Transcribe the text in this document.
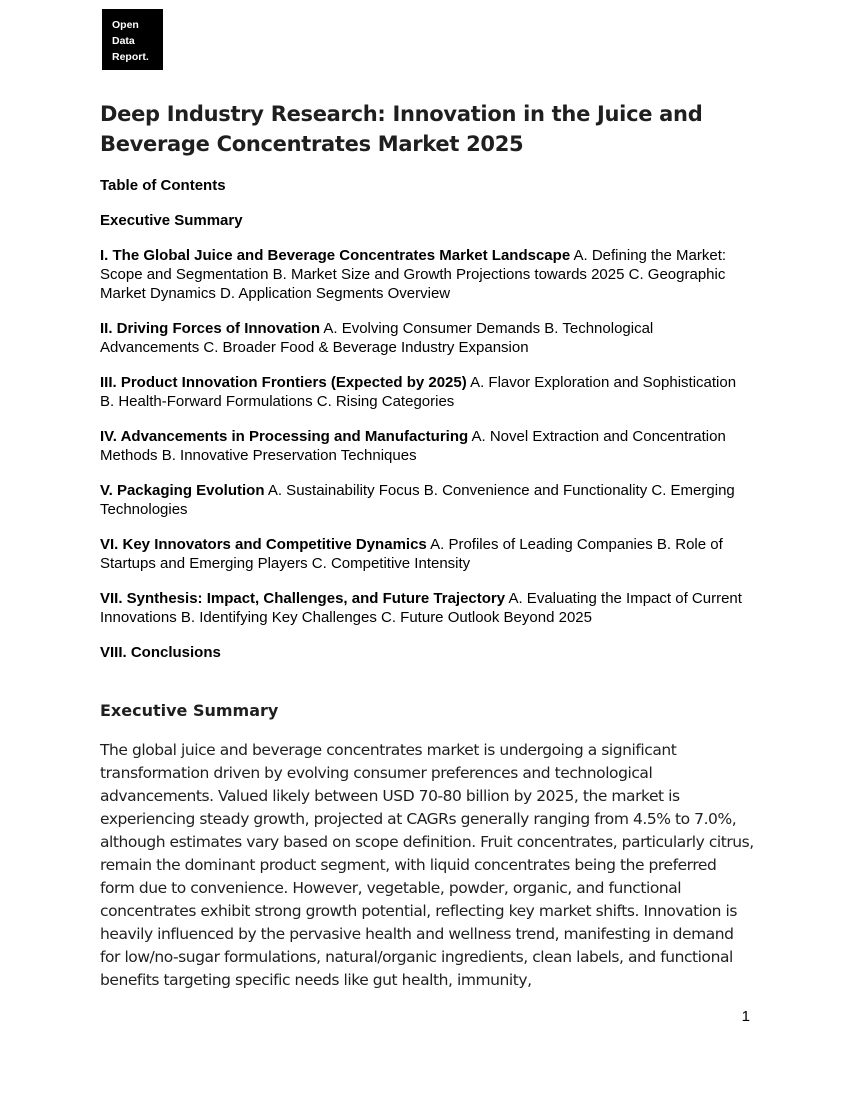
Open
Data
Report.
Deep Industry Research: Innovation in the Juice and Beverage Concentrates Market 2025

Table of Contents

Executive Summary

I. The Global Juice and Beverage Concentrates Market Landscape A. Defining the Market: Scope and Segmentation B. Market Size and Growth Projections towards 2025 C. Geographic Market Dynamics D. Application Segments Overview

II. Driving Forces of Innovation A. Evolving Consumer Demands B. Technological Advancements C. Broader Food & Beverage Industry Expansion

III. Product Innovation Frontiers (Expected by 2025) A. Flavor Exploration and Sophistication B. Health-Forward Formulations C. Rising Categories

IV. Advancements in Processing and Manufacturing A. Novel Extraction and Concentration Methods B. Innovative Preservation Techniques

V. Packaging Evolution A. Sustainability Focus B. Convenience and Functionality C. Emerging Technologies

VI. Key Innovators and Competitive Dynamics A. Profiles of Leading Companies B. Role of Startups and Emerging Players C. Competitive Intensity

VII. Synthesis: Impact, Challenges, and Future Trajectory A. Evaluating the Impact of Current Innovations B. Identifying Key Challenges C. Future Outlook Beyond 2025

VIII. Conclusions

Executive Summary

The global juice and beverage concentrates market is undergoing a significant transformation driven by evolving consumer preferences and technological advancements. Valued likely between USD 70-80 billion by 2025, the market is experiencing steady growth, projected at CAGRs generally ranging from 4.5% to 7.0%, although estimates vary based on scope definition. Fruit concentrates, particularly citrus, remain the dominant product segment, with liquid concentrates being the preferred form due to convenience. However, vegetable, powder, organic, and functional concentrates exhibit strong growth potential, reflecting key market shifts. Innovation is heavily influenced by the pervasive health and wellness trend, manifesting in demand for low/no-sugar formulations, natural/organic ingredients, clean labels, and functional benefits targeting specific needs like gut health, immunity,

1
